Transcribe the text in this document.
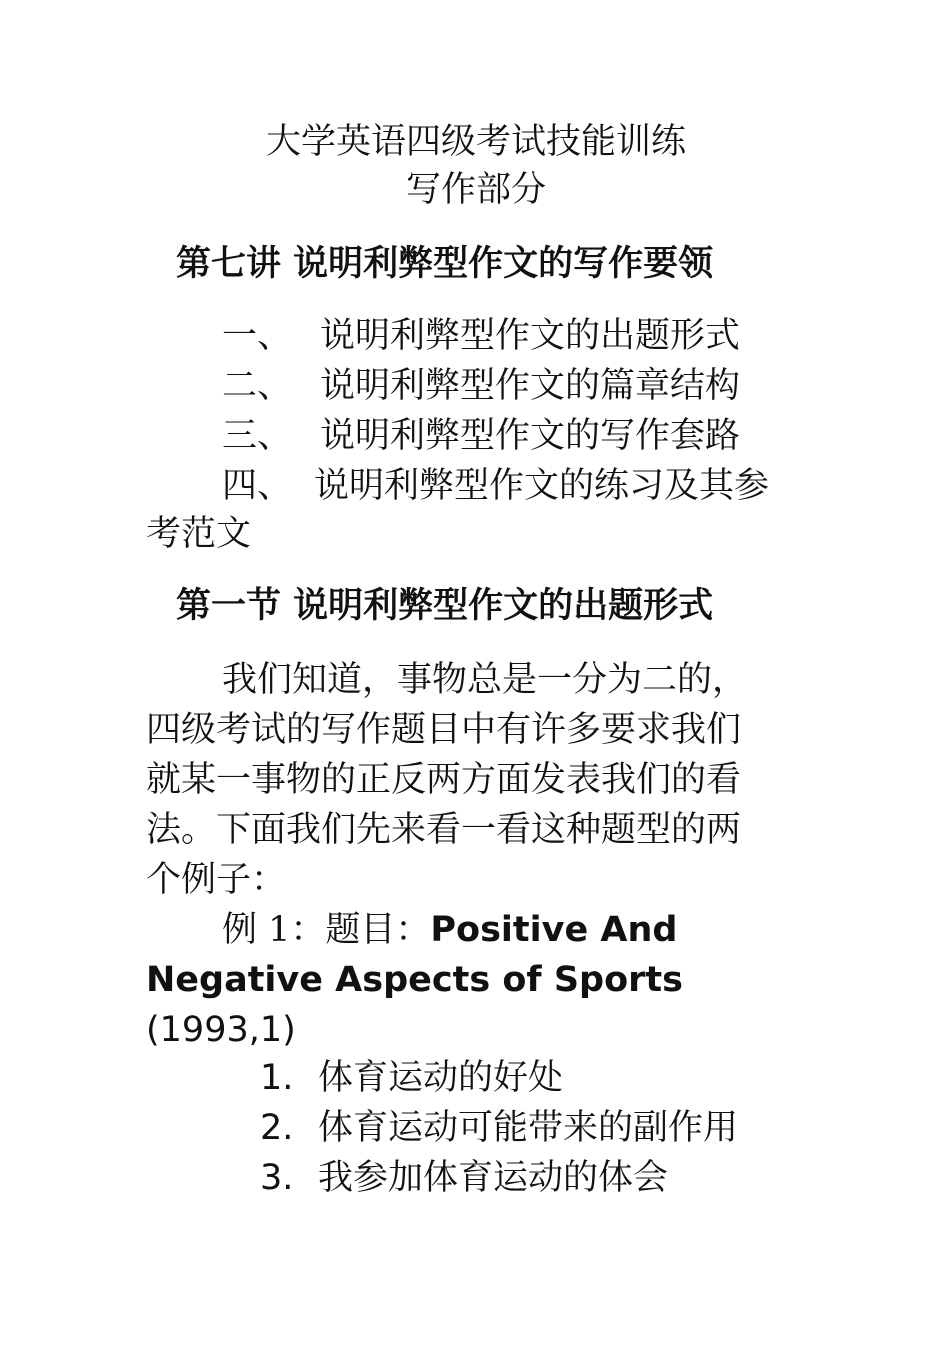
大学英语四级考试技能训练
写作部分
第七讲 说明利弊型作文的写作要领
一、 说明利弊型作文的出题形式
二、 说明利弊型作文的篇章结构
三、 说明利弊型作文的写作套路
四、 说明利弊型作文的练习及其参
考范文
第一节 说明利弊型作文的出题形式
我们知道，事物总是一分为二的，
四级考试的写作题目中有许多要求我们
就某一事物的正反两方面发表我们的看
法。下面我们先来看一看这种题型的两
个例子：
例 1：题目：Positive And
Negative Aspects of Sports
(1993,1)
1. 体育运动的好处
2. 体育运动可能带来的副作用
3. 我参加体育运动的体会
